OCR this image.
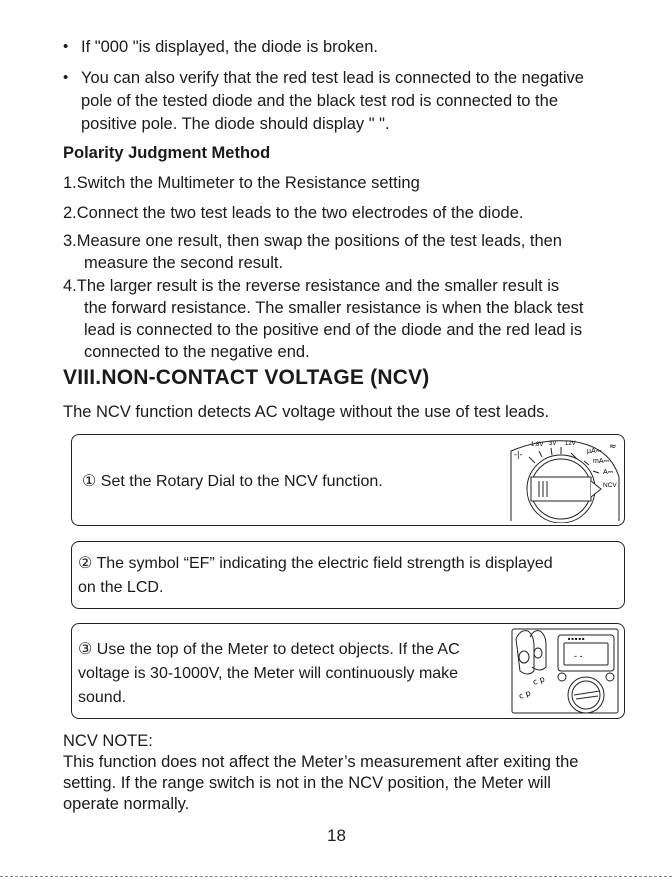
• If "000 "is displayed, the diode is broken.
• You can also verify that the red test lead is connected to the negative
pole of the tested diode and the black test rod is connected to the
positive pole. The diode should display " ".
Polarity Judgment Method
1.Switch the Multimeter to the Resistance setting
2.Connect the two test leads to the two electrodes of the diode.
3.Measure one result, then swap the positions of the test leads, then
measure the second result.
4.The larger result is the reverse resistance and the smaller result is
the forward resistance. The smaller resistance is when the black test
lead is connected to the positive end of the diode and the red lead is
connected to the negative end.
VIII.NON-CONTACT VOLTAGE (NCV)
The NCV function detects AC voltage without the use of test leads.
① Set the Rotary Dial to the NCV function.
-|‑
1.8V 3V 12V
µA⎓
mA⎓
A⎓
NCV
≈
② The symbol “EF” indicating the electric field strength is displayed
on the LCD.
③ Use the top of the Meter to detect objects. If the AC
voltage is 30-1000V, the Meter will continuously make
sound.
■ ■ ■ ■ ■
- -
с р
с р
NCV NOTE:
This function does not affect the Meter’s measurement after exiting the
setting. If the range switch is not in the NCV position, the Meter will
operate normally.
18
